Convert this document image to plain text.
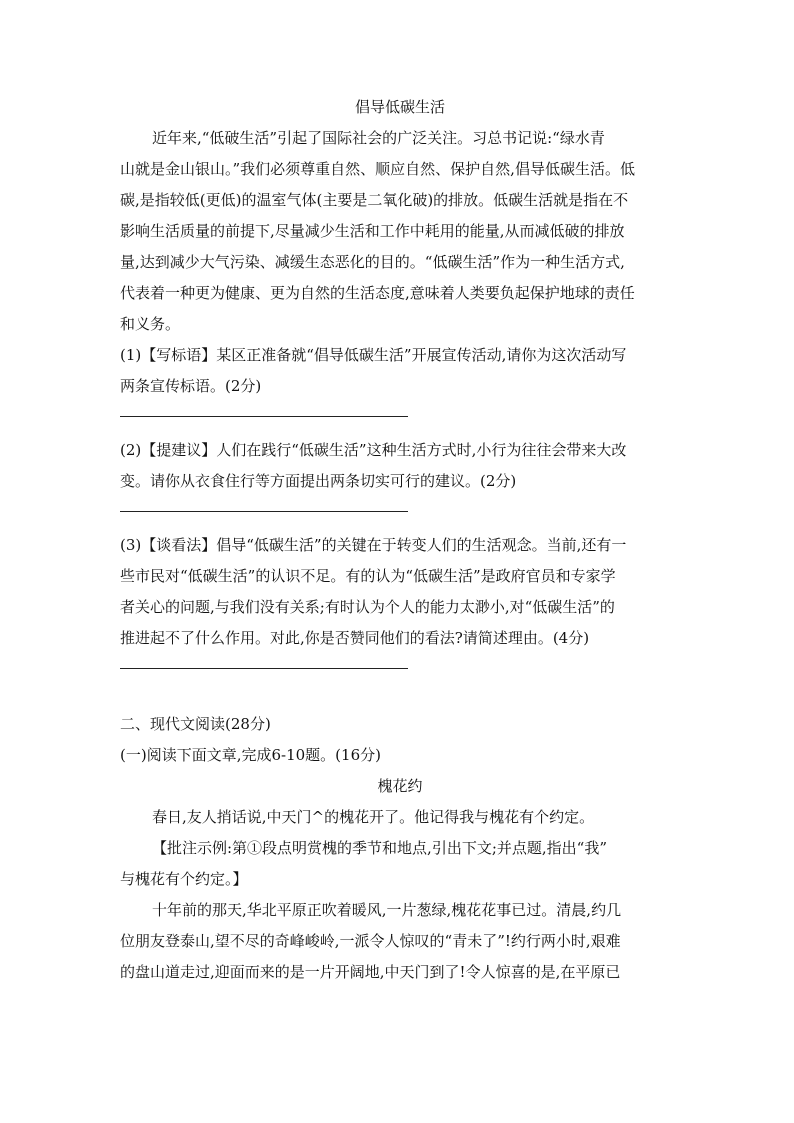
倡导低碳生活
近年来,“低破生活”引起了国际社会的广泛关注。习总书记说:“绿水青
山就是金山银山。”我们必须尊重自然、顺应自然、保护自然,倡导低碳生活。低
碳,是指较低(更低)的温室气体(主要是二氧化破)的排放。低碳生活就是指在不
影响生活质量的前提下,尽量减少生活和工作中耗用的能量,从而减低破的排放
量,达到减少大气污染、减缓生态恶化的目的。“低碳生活”作为一种生活方式,
代表着一种更为健康、更为自然的生活态度,意味着人类要负起保护地球的责任
和义务。
(1)【写标语】某区正准备就“倡导低碳生活”开展宣传活动,请你为这次活动写
两条宣传标语。(2分)
(2)【提建议】人们在践行“低碳生活”这种生活方式时,小行为往往会带来大改
变。请你从衣食住行等方面提出两条切实可行的建议。(2分)
(3)【谈看法】倡导“低碳生活”的关键在于转变人们的生活观念。当前,还有一
些市民对“低碳生活”的认识不足。有的认为“低碳生活”是政府官员和专家学
者关心的问题,与我们没有关系;有时认为个人的能力太渺小,对“低碳生活”的
推进起不了什么作用。对此,你是否赞同他们的看法?请简述理由。(4分)
二、现代文阅读(28分)
(一)阅读下面文章,完成6-10题。(16分)
槐花约
春日,友人捎话说,中天门^的槐花开了。他记得我与槐花有个约定。
【批注示例:第①段点明赏槐的季节和地点,引出下文;并点题,指出“我”
与槐花有个约定。】
十年前的那天,华北平原正吹着暖风,一片葱绿,槐花花事已过。清晨,约几
位朋友登泰山,望不尽的奇峰峻岭,一派令人惊叹的“青未了”!约行两小时,艰难
的盘山道走过,迎面而来的是一片开阔地,中天门到了!令人惊喜的是,在平原已
